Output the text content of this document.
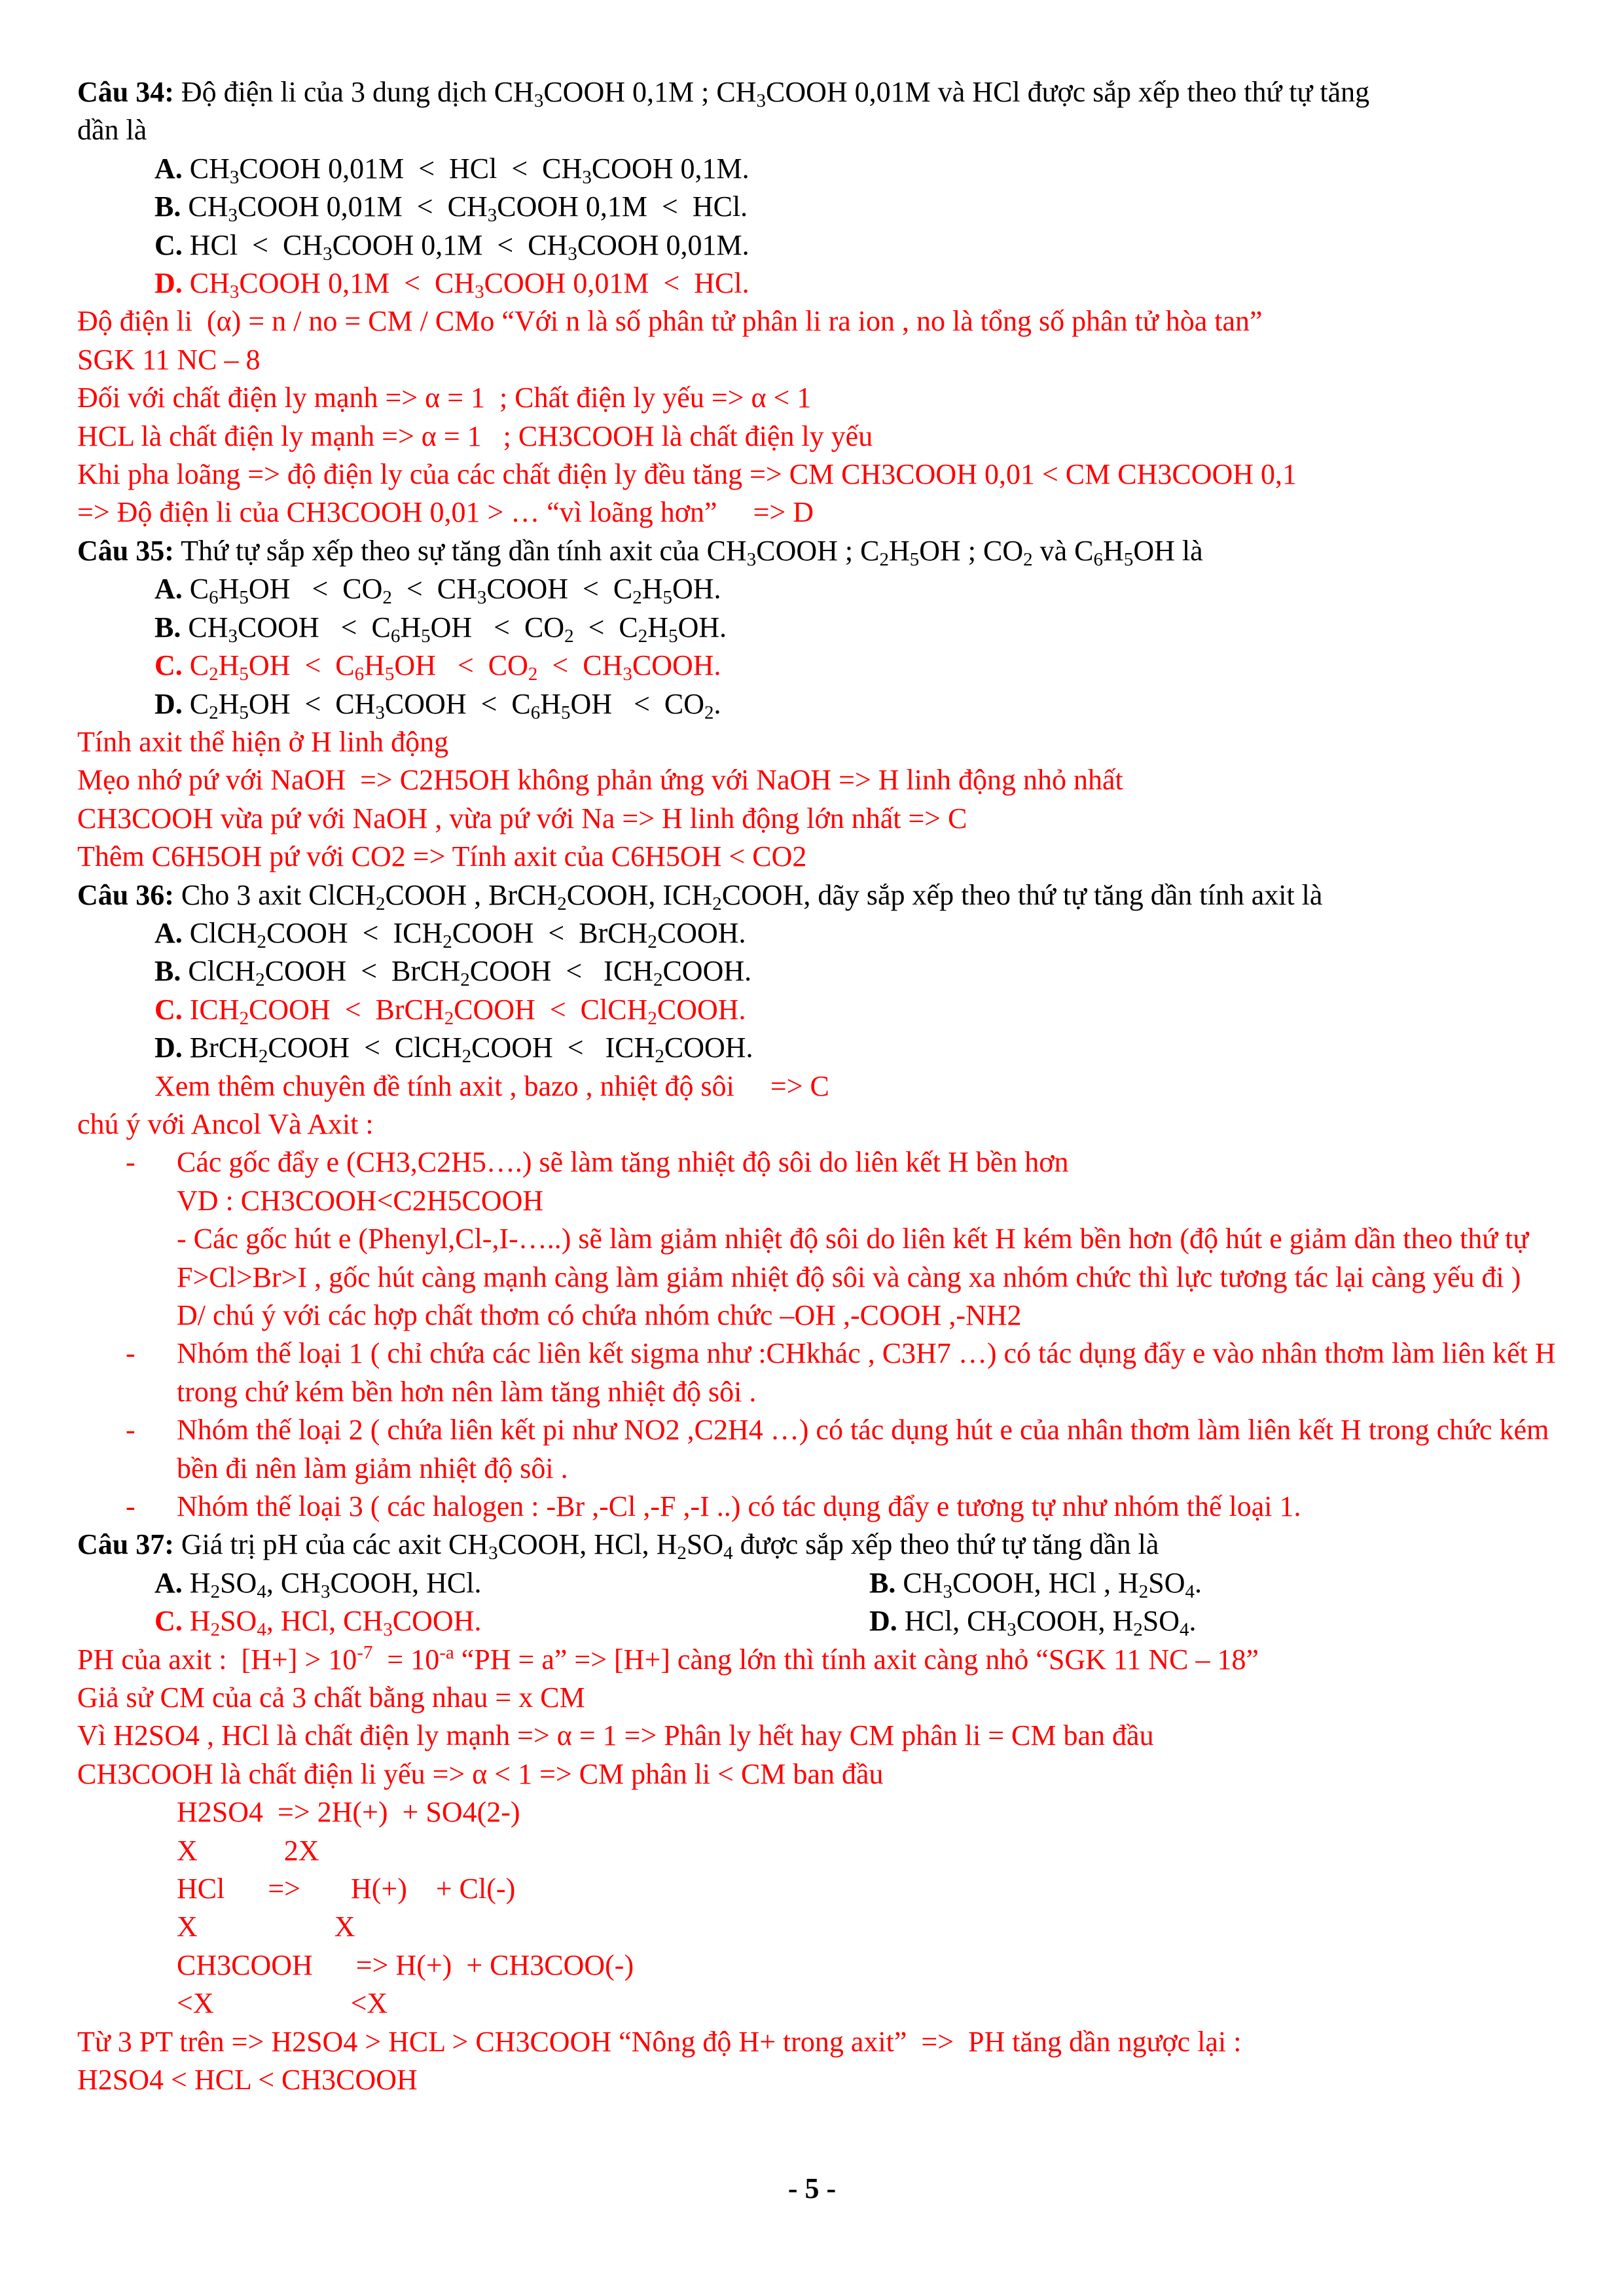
Câu 34: Độ điện li của 3 dung dịch $CH_3COOH$ 0,1M ; $CH_3COOH$ 0,01M và HCl được sắp xếp theo thứ tự tăng
dần là
A. $CH_3COOH$ 0,01M  <  HCl  <  $CH_3COOH$ 0,1M.
B. $CH_3COOH$ $0,01M < CH_3COOH$ 0,1M  <  HCl.
C. HCl  <  $CH_3COOH$ $0,1M < CH_3COOH$ 0,01M.
D. $CH_3COOH$ $0,1M < CH_3COOH$ 0,01M  <  HCl.
Độ điện li  (α) = n / no = CM / CMo “Với n là số phân tử phân li ra ion , no là tổng số phân tử hòa tan”
SGK 11 NC – 8
Đối với chất điện ly mạnh => α = 1  ; Chất điện ly yếu => α < 1
HCL là chất điện ly mạnh => α = 1   ; CH3COOH là chất điện ly yếu
Khi pha loãng => độ điện ly của các chất điện ly đều tăng => CM CH3COOH 0,01 < CM CH3COOH 0,1
=> Độ điện li của CH3COOH 0,01 > … “vì loãng hơn”     => D
Câu 35: Thứ tự sắp xếp theo sự tăng dần tính axit của $CH_3COOH$ ; $C_2H_5OH$ ; $CO_2$ và $C_6H_5OH$ là
A. $C_6H_5OH < CO_2$  <  $CH_3COOH < C_2H_5OH$.
B. $CH_3COOH < C_6H_5OH < CO_2 < C_2H_5OH$.
C. $C_2H_5OH < C_6H_5OH < CO_2$  <  $CH_3COOH$.
D. $C_2H_5OH$  <  $CH_3COOH < C_6H_5OH < CO_2$.
Tính axit thể hiện ở H linh động
Mẹo nhớ pứ với NaOH  => C2H5OH không phản ứng với NaOH => H linh động nhỏ nhất
CH3COOH vừa pứ với NaOH , vừa pứ với Na => H linh động lớn nhất => C
Thêm C6H5OH pứ với CO2 => Tính axit của C6H5OH < CO2
Câu 36: Cho 3 axit ClCH$_2$COOH , BrCH$_2$COOH, $ICH_2COOH$, dãy sắp xếp theo thứ tự tăng dần tính axit là
A. ClCH$_2$COOH  <  $ICH_2COOH$  <  BrCH$_2$COOH.
B. ClCH$_2$COOH  <  BrCH$_2$COOH  <   $ICH_2COOH$.
C. $ICH_2COOH$  <  BrCH$_2$COOH  <  ClCH$_2$COOH.
D. BrCH$_2$COOH  <  ClCH$_2$COOH  <   $ICH_2COOH$.
Xem thêm chuyên đề tính axit , bazo , nhiệt độ sôi     => C
chú ý với Ancol Và Axit :
- Các gốc đẩy e (CH3,C2H5….) sẽ làm tăng nhiệt độ sôi do liên kết H bền hơn
VD : CH3COOH<C2H5COOH
- Các gốc hút e (Phenyl,Cl-,I-…..) sẽ làm giảm nhiệt độ sôi do liên kết H kém bền hơn (độ hút e giảm dần theo thứ tự F>Cl>Br>I , gốc hút càng mạnh càng làm giảm nhiệt độ sôi và càng xa nhóm chức thì lực tương tác lại càng yếu đi )
D/ chú ý với các hợp chất thơm có chứa nhóm chức –OH ,-COOH ,-NH2
- Nhóm thế loại 1 ( chỉ chứa các liên kết sigma như :CHkhác , C3H7 …) có tác dụng đẩy e vào nhân thơm làm liên kết H trong chứ kém bền hơn nên làm tăng nhiệt độ sôi .
- Nhóm thế loại 2 ( chứa liên kết pi như NO2 ,C2H4 …) có tác dụng hút e của nhân thơm làm liên kết H trong chức kém bền đi nên làm giảm nhiệt độ sôi .
- Nhóm thế loại 3 ( các halogen : -Br ,-Cl ,-F ,-I ..) có tác dụng đẩy e tương tự như nhóm thế loại 1.
Câu 37: Giá trị pH của các axit $CH_3COOH$, HCl, $H_2SO_4$ được sắp xếp theo thứ tự tăng dần là
A. $H_2SO_4$, $CH_3COOH$, HCl.	B. $CH_3COOH$, HCl , $H_2SO_4$.
C. $H_2SO_4$, HCl, $CH_3COOH$.	D. HCl, $CH_3COOH$, $H_2SO_4$.
PH của axit :  $[H+] > 10^{-7} = 10^{-a}$ “PH = a” => [H+] càng lớn thì tính axit càng nhỏ “SGK 11 NC – 18”
Giả sử CM của cả 3 chất bằng nhau = x CM
Vì H2SO4 , HCl là chất điện ly mạnh => α = 1 => Phân ly hết hay CM phân li = CM ban đầu
CH3COOH là chất điện li yếu => α < 1 => CM phân li < CM ban đầu
H2SO4  => 2H(+)  + SO4(2-)
X            2X
HCl      =>       H(+)    + Cl(-)
X                   X
CH3COOH      => H(+)  + CH3COO(-)
<X                   <X
Từ 3 PT trên => H2SO4 > HCL > CH3COOH “Nông độ H+ trong axit”  =>  PH tăng dần ngược lại :
H2SO4 < HCL < CH3COOH
- 5 -
